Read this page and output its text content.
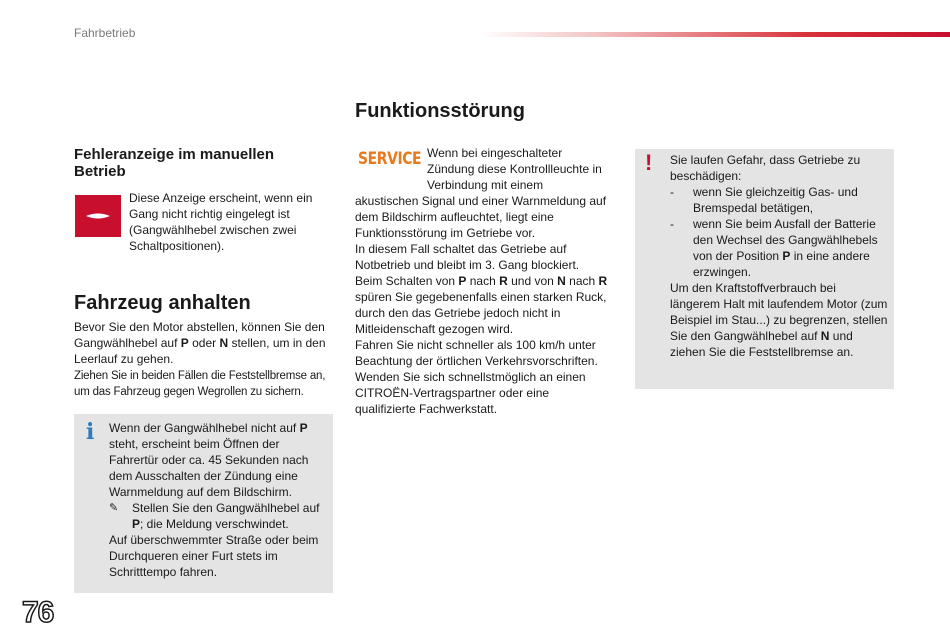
Fahrbetrieb
Fehleranzeige im manuellen Betrieb
Diese Anzeige erscheint, wenn ein Gang nicht richtig eingelegt ist (Gangwählhebel zwischen zwei Schaltpositionen).
Fahrzeug anhalten
Bevor Sie den Motor abstellen, können Sie den Gangwählhebel auf P oder N stellen, um in den Leerlauf zu gehen.
Ziehen Sie in beiden Fällen die Feststellbremse an, um das Fahrzeug gegen Wegrollen zu sichern.
i Wenn der Gangwählhebel nicht auf P steht, erscheint beim Öffnen der Fahrertür oder ca. 45 Sekunden nach dem Ausschalten der Zündung eine Warnmeldung auf dem Bildschirm.
✎	Stellen Sie den Gangwählhebel auf P; die Meldung verschwindet.
Auf überschwemmter Straße oder beim Durchqueren einer Furt stets im Schritttempo fahren.
Funktionsstörung
SERVICE Wenn bei eingeschalteter Zündung diese Kontrollleuchte in Verbindung mit einem
akustischen Signal und einer Warnmeldung auf dem Bildschirm aufleuchtet, liegt eine Funktionsstörung im Getriebe vor.
In diesem Fall schaltet das Getriebe auf Notbetrieb und bleibt im 3. Gang blockiert.
Beim Schalten von P nach R und von N nach R spüren Sie gegebenenfalls einen starken Ruck, durch den das Getriebe jedoch nicht in Mitleidenschaft gezogen wird.
Fahren Sie nicht schneller als 100 km/h unter Beachtung der örtlichen Verkehrsvorschriften.
Wenden Sie sich schnellstmöglich an einen CITROËN-Vertragspartner oder eine qualifizierte Fachwerkstatt.
! Sie laufen Gefahr, dass Getriebe zu beschädigen:
-	wenn Sie gleichzeitig Gas- und Bremspedal betätigen,
-	wenn Sie beim Ausfall der Batterie den Wechsel des Gangwählhebels von der Position P in eine andere erzwingen.
Um den Kraftstoffverbrauch bei längerem Halt mit laufendem Motor (zum Beispiel im Stau...) zu begrenzen, stellen Sie den Gangwählhebel auf N und ziehen Sie die Feststellbremse an.
76
